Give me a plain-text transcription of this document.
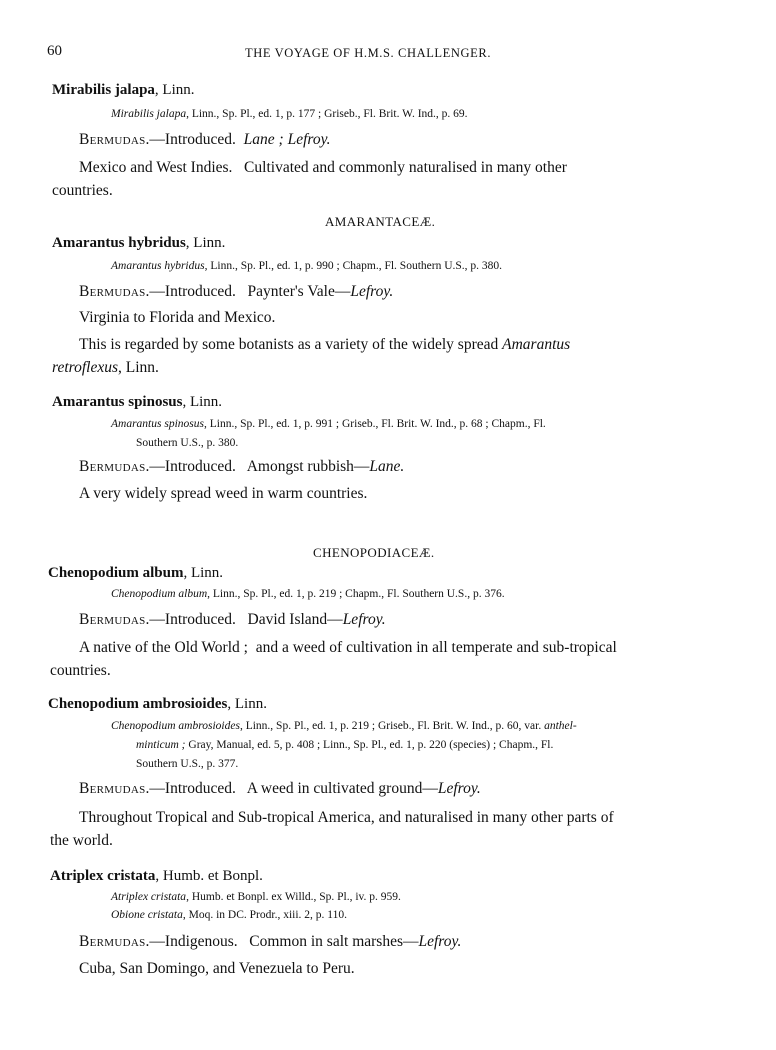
60	THE VOYAGE OF H.M.S. CHALLENGER.
Mirabilis jalapa, Linn.
Mirabilis jalapa, Linn., Sp. Pl., ed. 1, p. 177 ; Griseb., Fl. Brit. W. Ind., p. 69.
Bermudas.—Introduced.  Lane ; Lefroy.
Mexico and West Indies.   Cultivated and commonly naturalised in many other
countries.
AMARANTACEÆ.
Amarantus hybridus, Linn.
Amarantus hybridus, Linn., Sp. Pl., ed. 1, p. 990 ; Chapm., Fl. Southern U.S., p. 380.
Bermudas.—Introduced.   Paynter's Vale—Lefroy.
Virginia to Florida and Mexico.
This is regarded by some botanists as a variety of the widely spread Amarantus
retroflexus, Linn.
Amarantus spinosus, Linn.
Amarantus spinosus, Linn., Sp. Pl., ed. 1, p. 991 ; Griseb., Fl. Brit. W. Ind., p. 68 ; Chapm., Fl.
Southern U.S., p. 380.
Bermudas.—Introduced.   Amongst rubbish—Lane.
A very widely spread weed in warm countries.
CHENOPODIACEÆ.
Chenopodium album, Linn.
Chenopodium album, Linn., Sp. Pl., ed. 1, p. 219 ; Chapm., Fl. Southern U.S., p. 376.
Bermudas.—Introduced.   David Island—Lefroy.
A native of the Old World ;  and a weed of cultivation in all temperate and sub-tropical
countries.
Chenopodium ambrosioides, Linn.
Chenopodium ambrosioides, Linn., Sp. Pl., ed. 1, p. 219 ; Griseb., Fl. Brit. W. Ind., p. 60, var. anthel-
minticum ; Gray, Manual, ed. 5, p. 408 ; Linn., Sp. Pl., ed. 1, p. 220 (species) ; Chapm., Fl.
Southern U.S., p. 377.
Bermudas.—Introduced.   A weed in cultivated ground—Lefroy.
Throughout Tropical and Sub-tropical America, and naturalised in many other parts of
the world.
Atriplex cristata, Humb. et Bonpl.
Atriplex cristata, Humb. et Bonpl. ex Willd., Sp. Pl., iv. p. 959.
Obione cristata, Moq. in DC. Prodr., xiii. 2, p. 110.
Bermudas.—Indigenous.   Common in salt marshes—Lefroy.
Cuba, San Domingo, and Venezuela to Peru.
